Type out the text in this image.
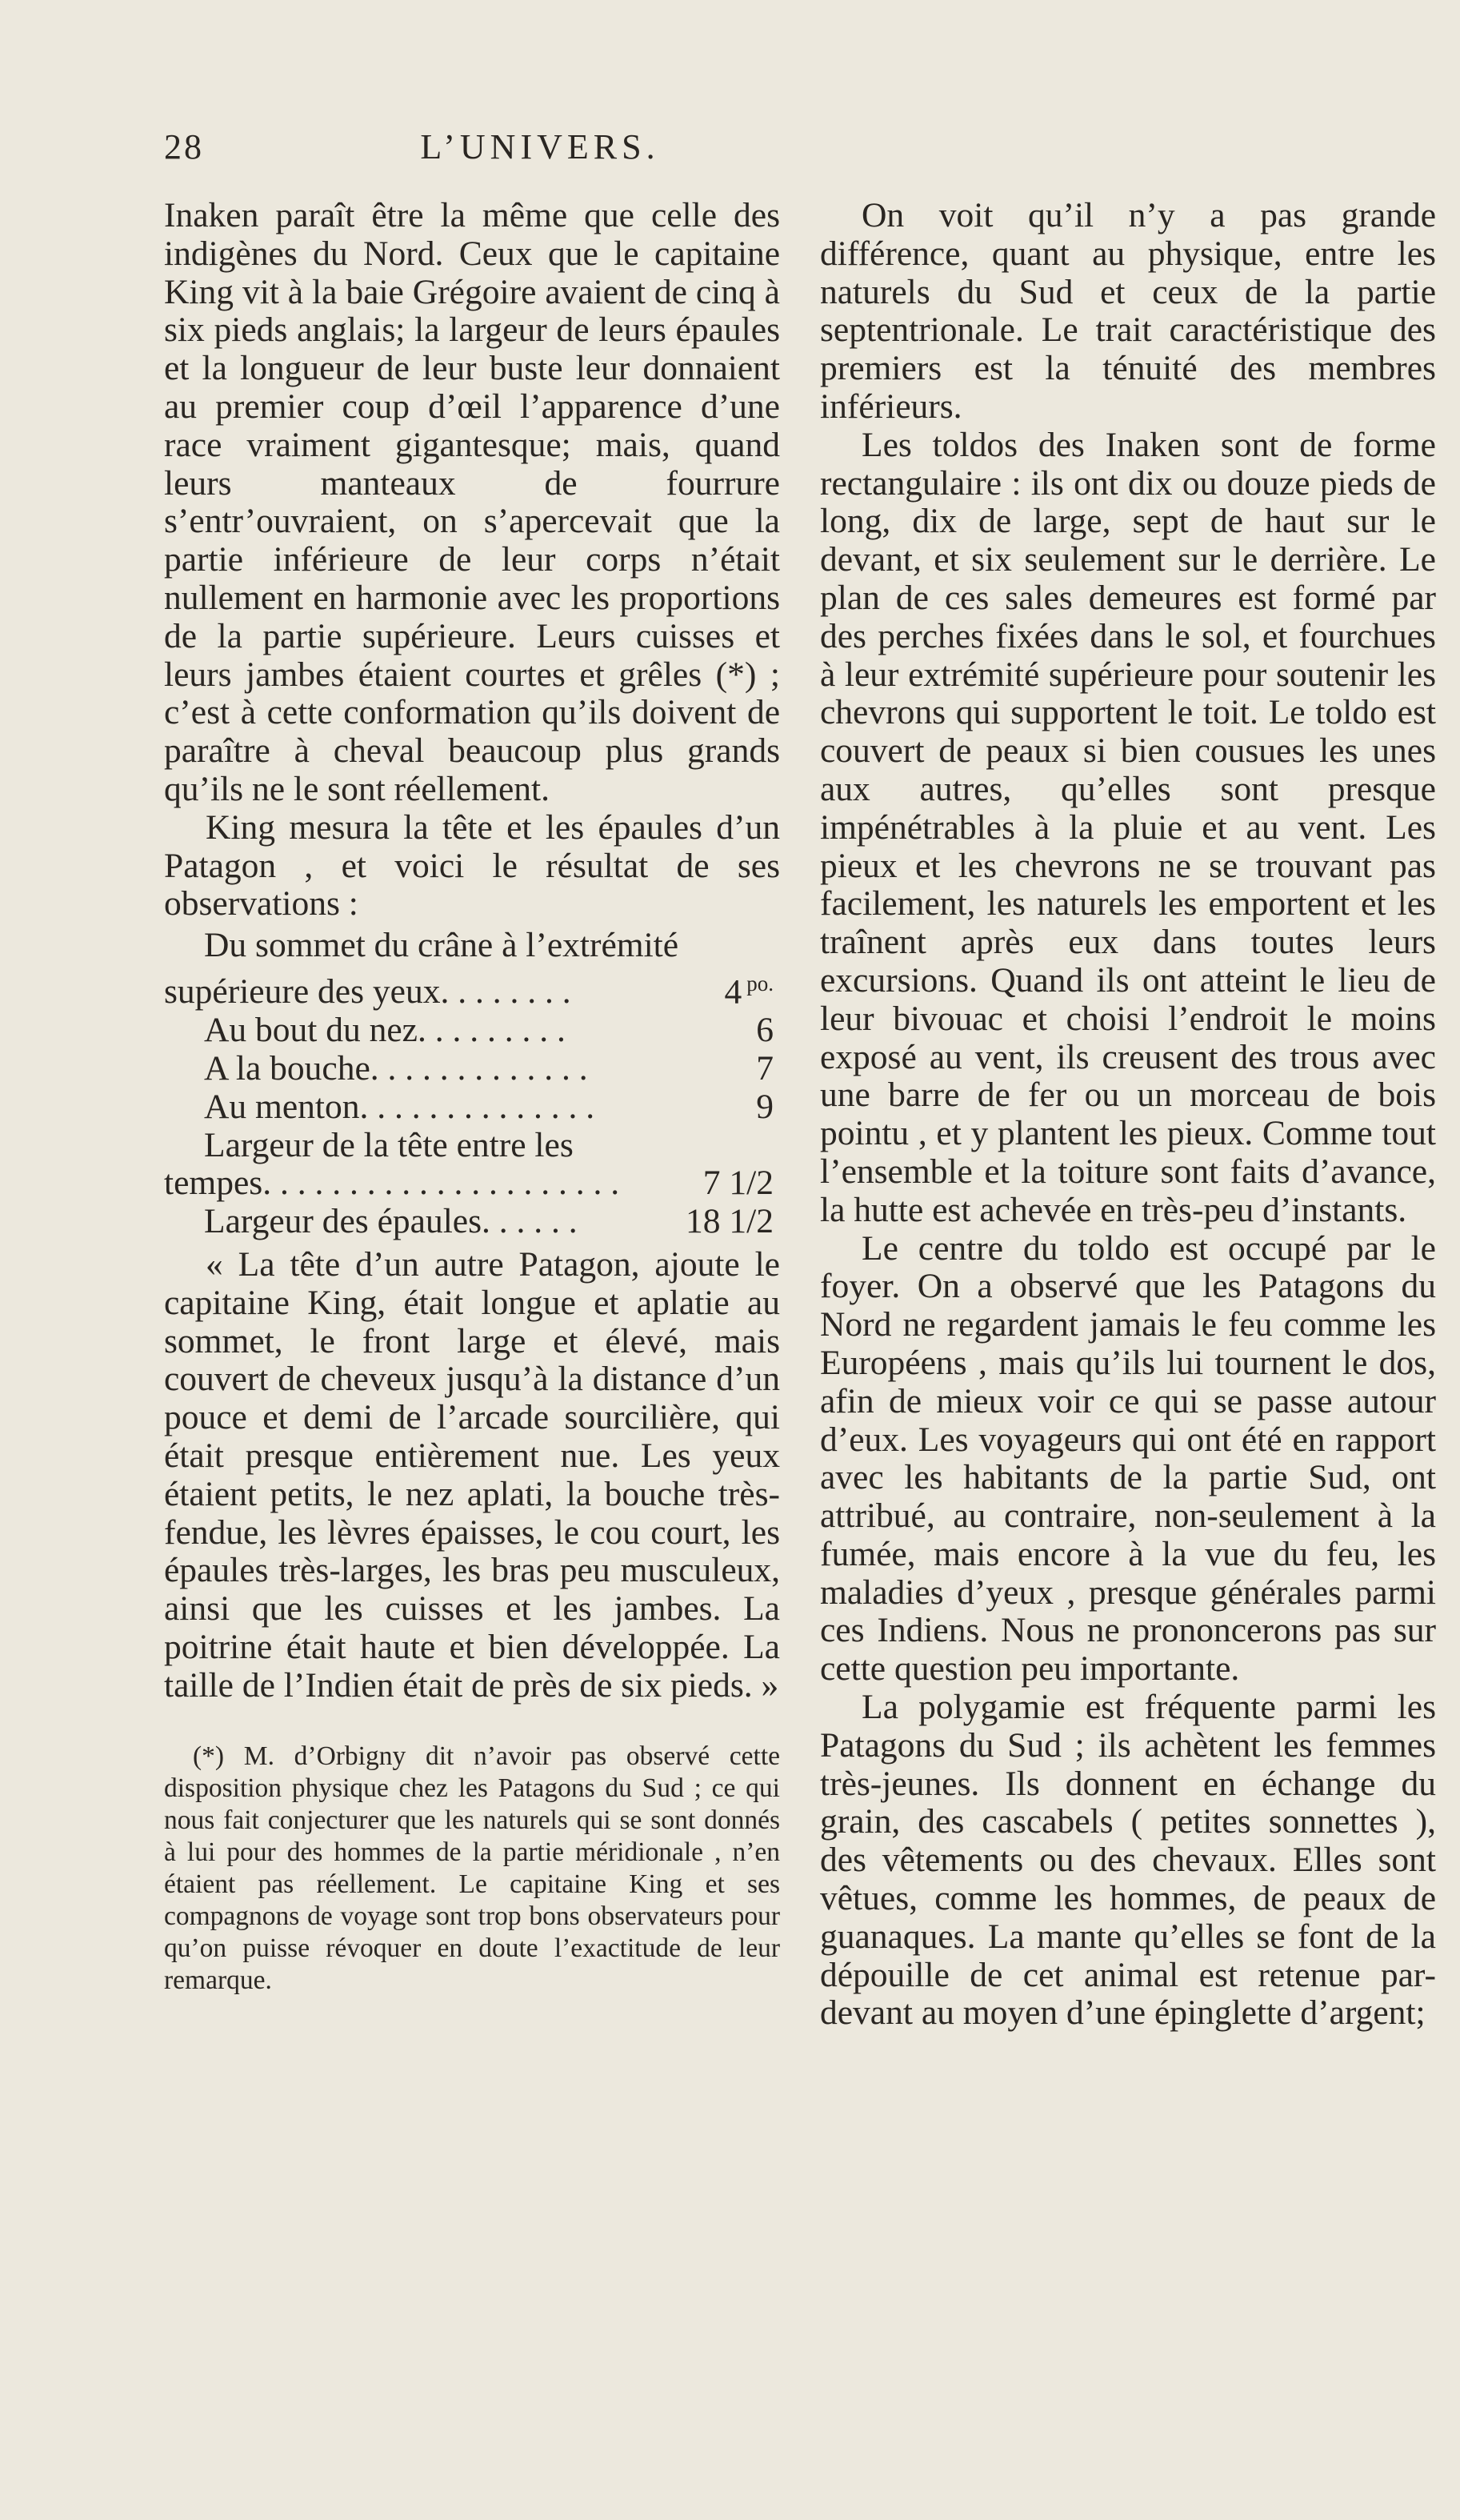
28	L’UNIVERS.

Inaken paraît être la même que celle des indigènes du Nord. Ceux que le capitaine King vit à la baie Grégoire avaient de cinq à six pieds anglais; la largeur de leurs épaules et la longueur de leur buste leur donnaient au premier coup d’œil l’apparence d’une race vraiment gigantesque; mais, quand leurs manteaux de fourrure s’entr’ouvraient, on s’apercevait que la partie inférieure de leur corps n’était nullement en harmonie avec les proportions de la partie supérieure. Leurs cuisses et leurs jambes étaient courtes et grêles (*) ; c’est à cette conformation qu’ils doivent de paraître à cheval beaucoup plus grands qu’ils ne le sont réellement.

King mesura la tête et les épaules d’un Patagon , et voici le résultat de ses observations :

Du sommet du crâne à l’extrémité
supérieure des yeux. . . . . . . .	4 $^{po.}$
Au bout du nez. . . . . . . . .	6
A la bouche. . . . . . . . . . . . .	7
Au menton. . . . . . . . . . . . . .	9
Largeur de la tête entre les
tempes. . . . . . . . . . . . . . . . . . . . .	7 1/2
Largeur des épaules. . . . . .	18 1/2

« La tête d’un autre Patagon, ajoute le capitaine King, était longue et aplatie au sommet, le front large et élevé, mais couvert de cheveux jusqu’à la distance d’un pouce et demi de l’arcade sourcilière, qui était presque entièrement nue. Les yeux étaient petits, le nez aplati, la bouche très-fendue, les lèvres épaisses, le cou court, les épaules très-larges, les bras peu musculeux, ainsi que les cuisses et les jambes. La poitrine était haute et bien développée. La taille de l’Indien était de près de six pieds. »

(*) M. d’Orbigny dit n’avoir pas observé cette disposition physique chez les Patagons du Sud ; ce qui nous fait conjecturer que les naturels qui se sont donnés à lui pour des hommes de la partie méridionale , n’en étaient pas réellement. Le capitaine King et ses compagnons de voyage sont trop bons observateurs pour qu’on puisse révoquer en doute l’exactitude de leur remarque.

On voit qu’il n’y a pas grande différence, quant au physique, entre les naturels du Sud et ceux de la partie septentrionale. Le trait caractéristique des premiers est la ténuité des membres inférieurs.

Les toldos des Inaken sont de forme rectangulaire : ils ont dix ou douze pieds de long, dix de large, sept de haut sur le devant, et six seulement sur le derrière. Le plan de ces sales demeures est formé par des perches fixées dans le sol, et fourchues à leur extrémité supérieure pour soutenir les chevrons qui supportent le toit. Le toldo est couvert de peaux si bien cousues les unes aux autres, qu’elles sont presque impénétrables à la pluie et au vent. Les pieux et les chevrons ne se trouvant pas facilement, les naturels les emportent et les traînent après eux dans toutes leurs excursions. Quand ils ont atteint le lieu de leur bivouac et choisi l’endroit le moins exposé au vent, ils creusent des trous avec une barre de fer ou un morceau de bois pointu , et y plantent les pieux. Comme tout l’ensemble et la toiture sont faits d’avance, la hutte est achevée en très-peu d’instants.

Le centre du toldo est occupé par le foyer. On a observé que les Patagons du Nord ne regardent jamais le feu comme les Européens , mais qu’ils lui tournent le dos, afin de mieux voir ce qui se passe autour d’eux. Les voyageurs qui ont été en rapport avec les habitants de la partie Sud, ont attribué, au contraire, non-seulement à la fumée, mais encore à la vue du feu, les maladies d’yeux , presque générales parmi ces Indiens. Nous ne prononcerons pas sur cette question peu importante.

La polygamie est fréquente parmi les Patagons du Sud ; ils achètent les femmes très-jeunes. Ils donnent en échange du grain, des cascabels ( petites sonnettes ), des vêtements ou des chevaux. Elles sont vêtues, comme les hommes, de peaux de guanaques. La mante qu’elles se font de la dépouille de cet animal est retenue par-devant au moyen d’une épinglette d’argent;
